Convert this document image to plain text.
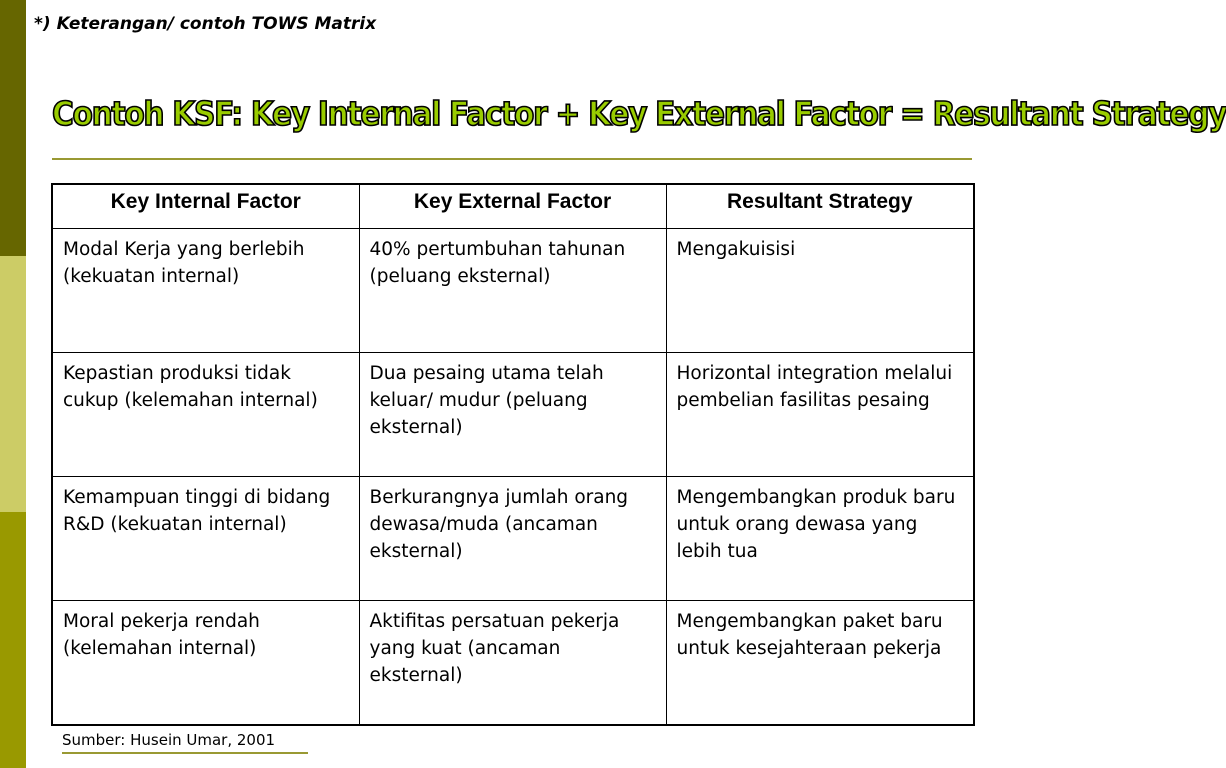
*) Keterangan/ contoh TOWS Matrix
Contoh KSF: Key Internal Factor + Key External Factor = Resultant Strategy
Key Internal Factor	Key External Factor	Resultant Strategy
Modal Kerja yang berlebih (kekuatan internal)	40% pertumbuhan tahunan (peluang eksternal)	Mengakuisisi
Kepastian produksi tidak cukup (kelemahan internal)	Dua pesaing utama telah keluar/ mudur (peluang eksternal)	Horizontal integration melalui pembelian fasilitas pesaing
Kemampuan tinggi di bidang R&D (kekuatan internal)	Berkurangnya jumlah orang dewasa/muda (ancaman eksternal)	Mengembangkan produk baru untuk orang dewasa yang lebih tua
Moral pekerja rendah (kelemahan internal)	Aktifitas persatuan pekerja yang kuat (ancaman eksternal)	Mengembangkan paket baru untuk kesejahteraan pekerja
Sumber: Husein Umar, 2001
